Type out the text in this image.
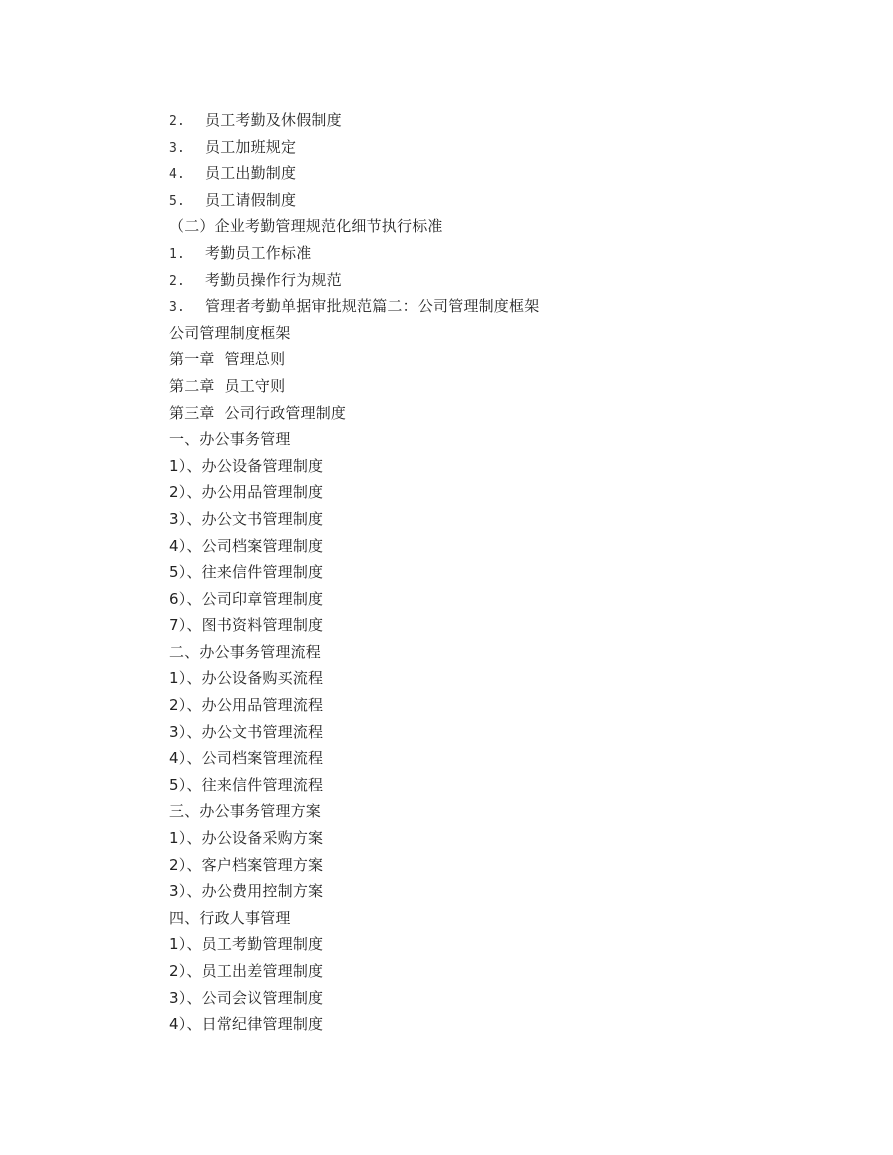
2. 员工考勤及休假制度
3. 员工加班规定
4. 员工出勤制度
5. 员工请假制度
（二）企业考勤管理规范化细节执行标准
1. 考勤员工作标准
2. 考勤员操作行为规范
3. 管理者考勤单据审批规范篇二：公司管理制度框架
公司管理制度框架
第一章  管理总则
第二章  员工守则
第三章  公司行政管理制度
一、办公事务管理
1）、办公设备管理制度
2）、办公用品管理制度
3）、办公文书管理制度
4）、公司档案管理制度
5）、往来信件管理制度
6）、公司印章管理制度
7）、图书资料管理制度
二、办公事务管理流程
1）、办公设备购买流程
2）、办公用品管理流程
3）、办公文书管理流程
4）、公司档案管理流程
5）、往来信件管理流程
三、办公事务管理方案
1）、办公设备采购方案
2）、客户档案管理方案
3）、办公费用控制方案
四、行政人事管理
1）、员工考勤管理制度
2）、员工出差管理制度
3）、公司会议管理制度
4）、日常纪律管理制度
